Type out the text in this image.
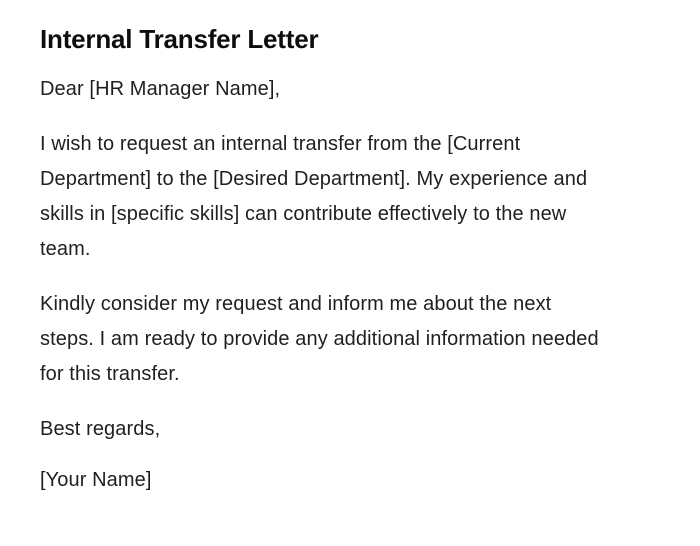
Internal Transfer Letter
Dear [HR Manager Name],
I wish to request an internal transfer from the [Current
Department] to the [Desired Department]. My experience and
skills in [specific skills] can contribute effectively to the new
team.
Kindly consider my request and inform me about the next
steps. I am ready to provide any additional information needed
for this transfer.
Best regards,
[Your Name]
